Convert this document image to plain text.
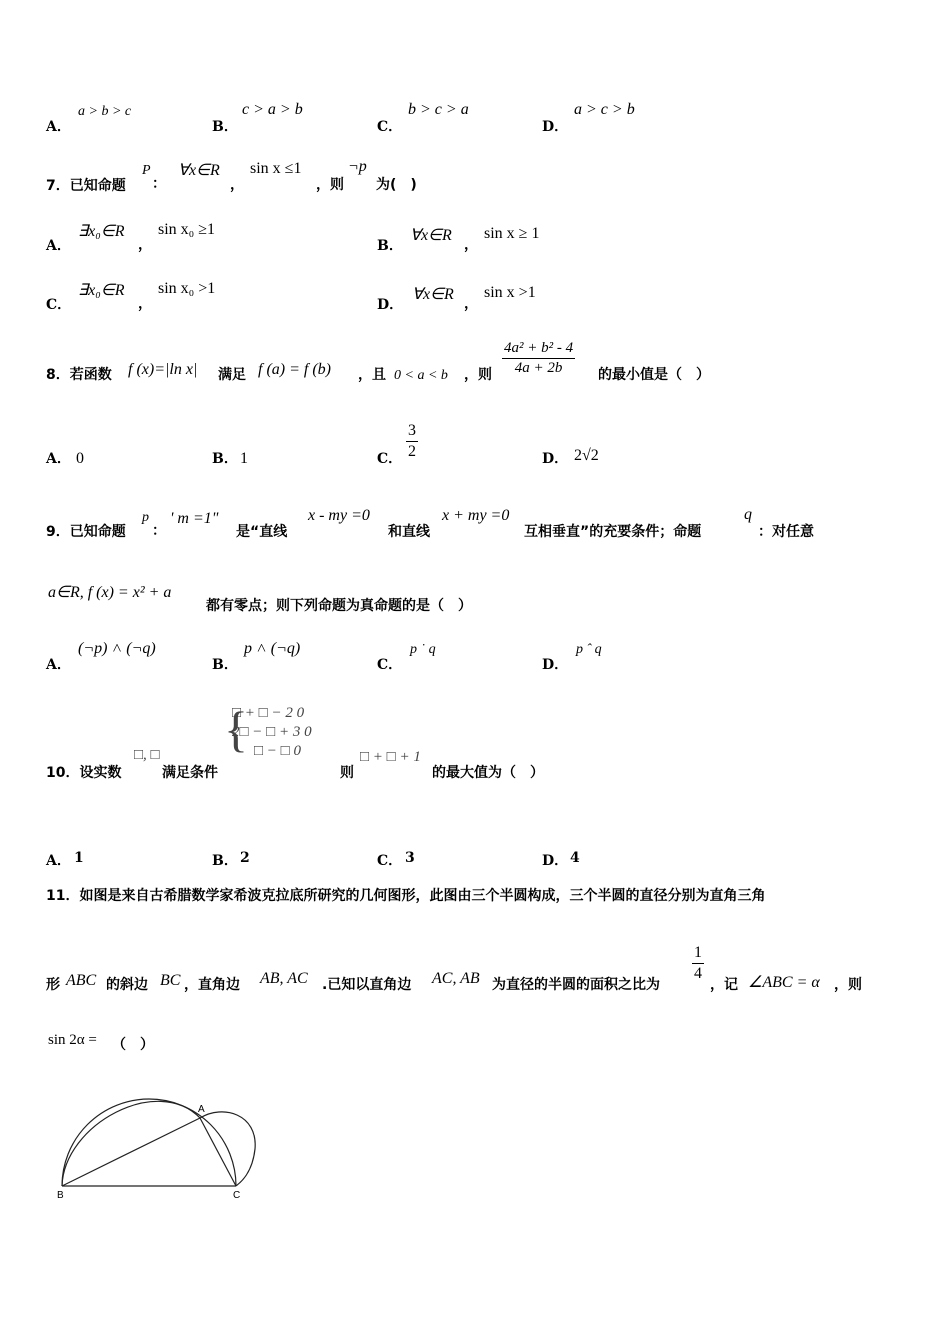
A．
a > b > c
B．
c > a > b
C．
b > c > a
D．
a > c > b
7．已知命题
P
：
∀x∈R
，
sin x ≤1
，则
¬p
为(　)
A．
∃x₀∈R
，
sin x₀ ≥1
B．
∀x∈R
，
sin x ≥ 1
C．
∃x₀∈R
，
sin x₀ >1
D．
∀x∈R
，
sin x >1
8．若函数 f (x)=|ln x| 满足 f (a) = f (b) ，且 0 < a < b ，则 $\frac{\text{4a² + b² - 4}}{4a + 2b}$ 的最小值是（　）
A． 0	B． 1	C． $\frac{3}{2}$	D． 2√2
9．已知命题
p
：
' m =1"
是“直线
x - my =0
和直线
x + my =0
互相垂直”的充要条件；命题
q
：对任意
a∈R, f (x) = x² + a
都有零点；则下列命题为真命题的是（　）
A．
(¬p) ˄ (¬q)
B．
p ˄ (¬q)
C．
p ˙ q
D．
p ˆ q
10．设实数
□, □
满足条件
{
□ + □ − 2 0
2□ − □ + 3 0
□ − □ 0
则
□ + □ + 1
的最大值为（　）
A． 1	B． 2	C． 3	D． 4
11．如图是来自古希腊数学家希波克拉底所研究的几何图形，此图由三个半圆构成，三个半圆的直径分别为直角三角
形 ABC 的斜边 BC ，直角边 AB, AC .已知以直角边 AC, AB 为直径的半圆的面积之比为
$\frac{1}{4}$
，记 ∠ABC = α ，则
sin 2α = （　）
A
B	C
